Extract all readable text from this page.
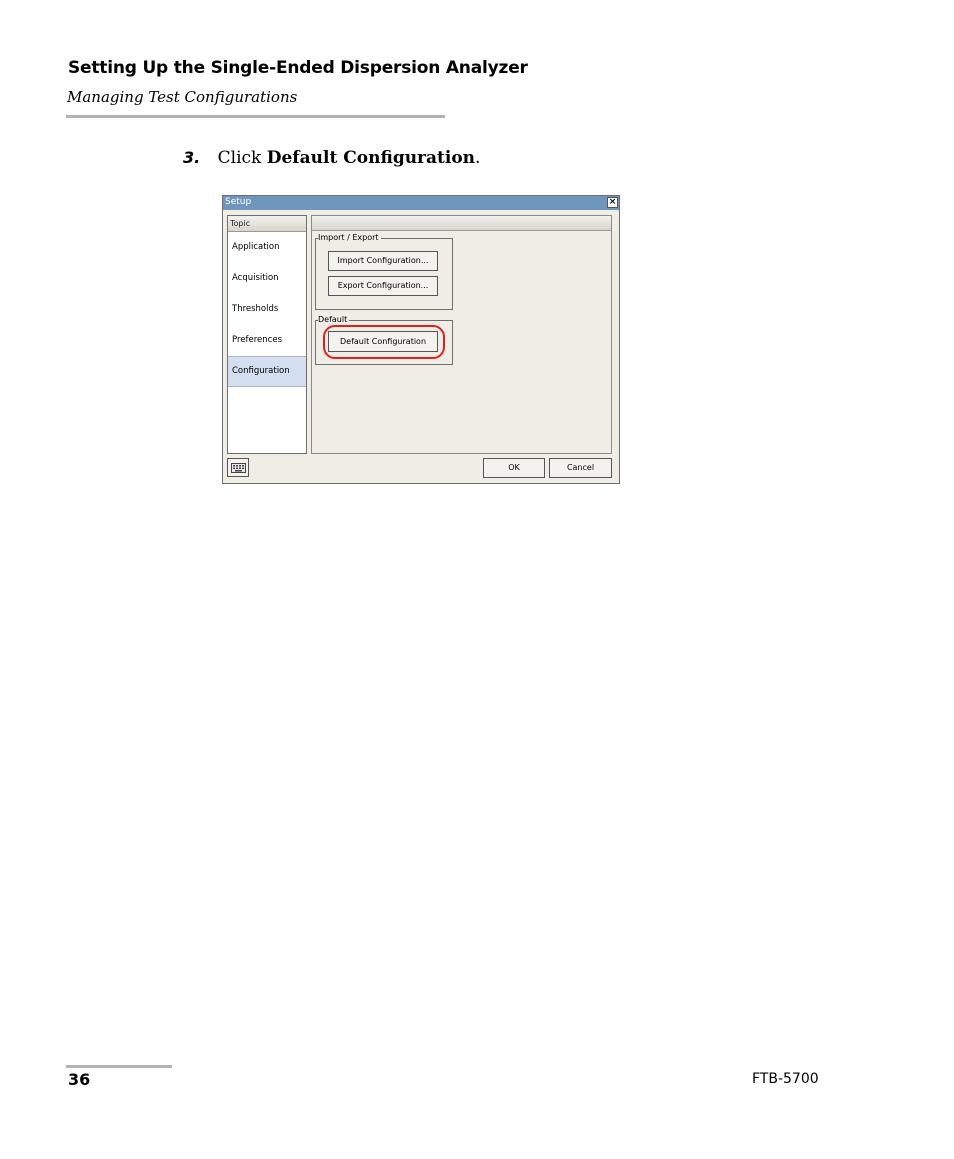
Setting Up the Single-Ended Dispersion Analyzer
Managing Test Configurations
3. Click Default Configuration.
Setup	×
Topic
Application
Acquisition
Thresholds
Preferences
Configuration
Import / Export
Import Configuration...
Export Configuration...
Default
Default Configuration
OK	Cancel
36	FTB-5700
